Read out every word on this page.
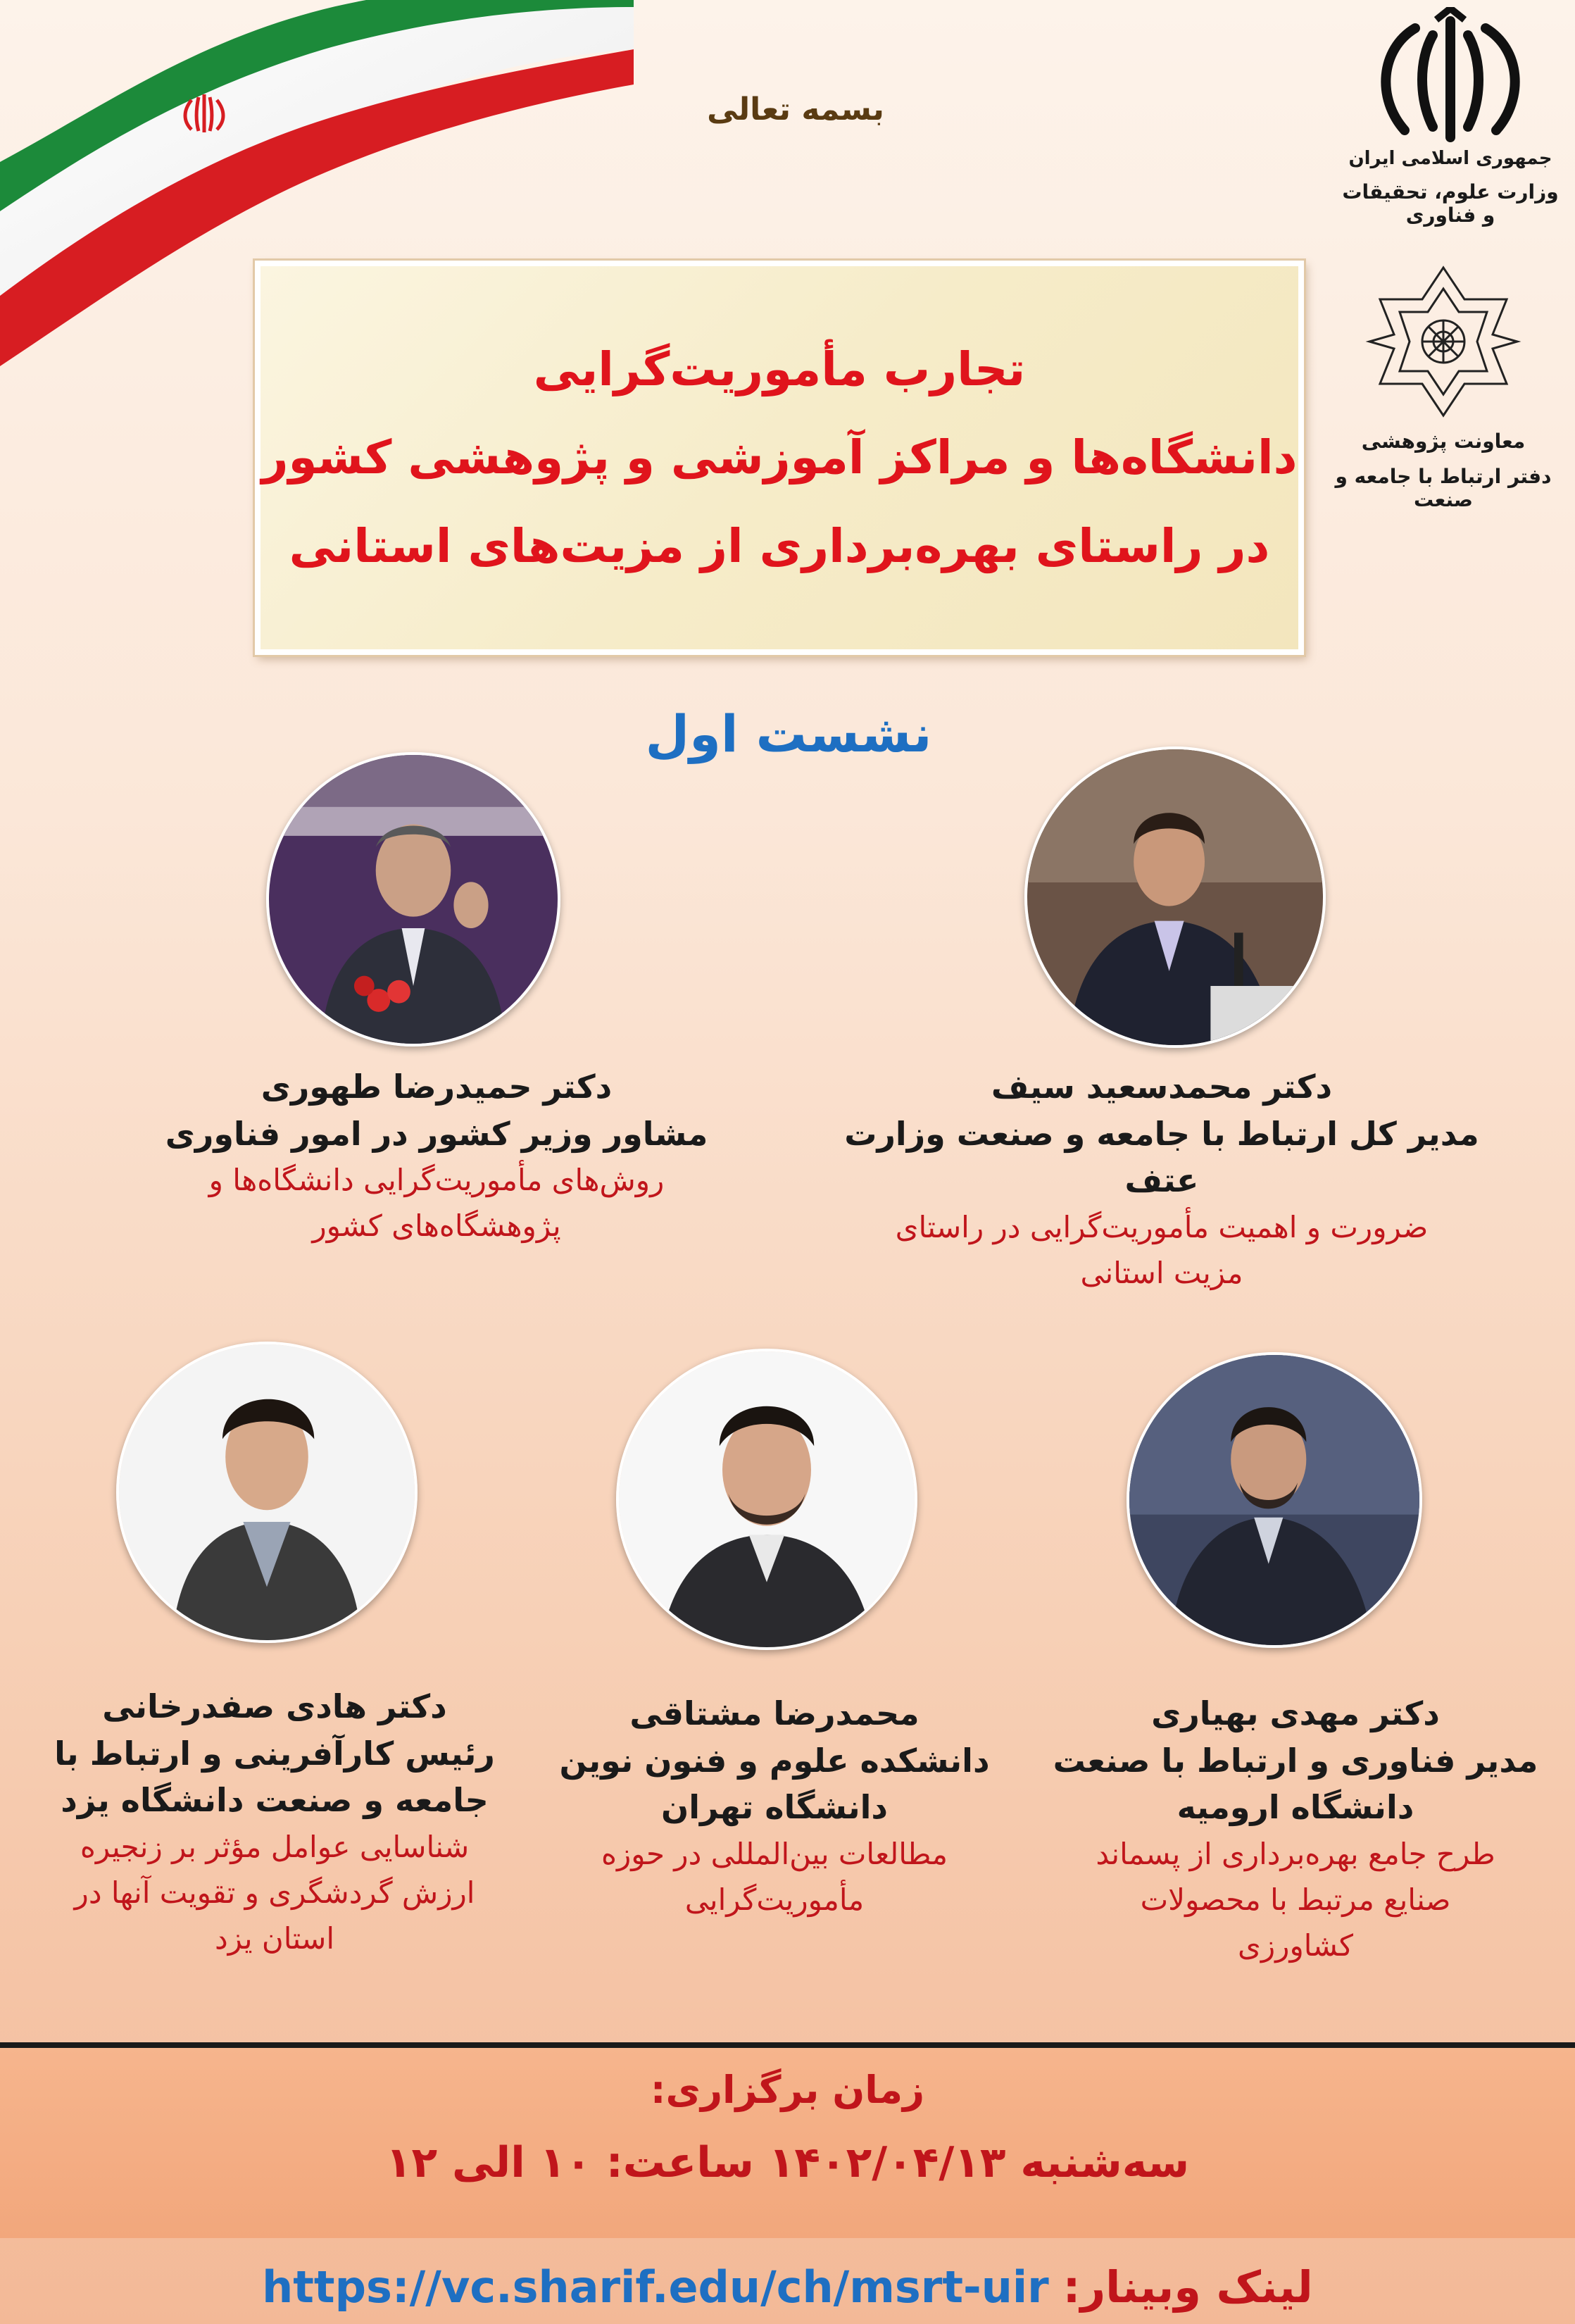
بسمه تعالی
جمهوری اسلامی ایران
وزارت علوم، تحقیقات و فناوری
معاونت پژوهشی
دفتر ارتباط با جامعه و صنعت
تجارب مأموریت‌گرایی
دانشگاه‌ها و مراکز آموزشی و پژوهشی کشور
در راستای بهره‌برداری از مزیت‌های استانی
نشست اول
دکتر حمیدرضا طهوری
مشاور وزیر کشور در امور فناوری
روش‌های مأموریت‌گرایی دانشگاه‌ها و
پژوهشگاه‌های کشور
دکتر محمدسعید سیف
مدیر کل ارتباط با جامعه و صنعت وزارت عتف
ضرورت و اهمیت مأموریت‌گرایی در راستای
مزیت استانی
دکتر هادی صفدرخانی
رئیس کارآفرینی و ارتباط با
جامعه و صنعت دانشگاه یزد
شناسایی عوامل مؤثر بر زنجیره
ارزش گردشگری و تقویت آنها در
استان یزد
محمدرضا مشتاقی
دانشکده علوم و فنون نوین
دانشگاه تهران
مطالعات بین‌المللی در حوزه
مأموریت‌گرایی
دکتر مهدی بهیاری
مدیر فناوری و ارتباط با صنعت
دانشگاه ارومیه
طرح جامع بهره‌برداری از پسماند
صنایع مرتبط با محصولات
کشاورزی
زمان برگزاری:
سه‌شنبه ۱۴۰۲/۰۴/۱۳ ساعت: ۱۰ الی ۱۲
لینک وبینار:
https://vc.sharif.edu/ch/msrt-uir
